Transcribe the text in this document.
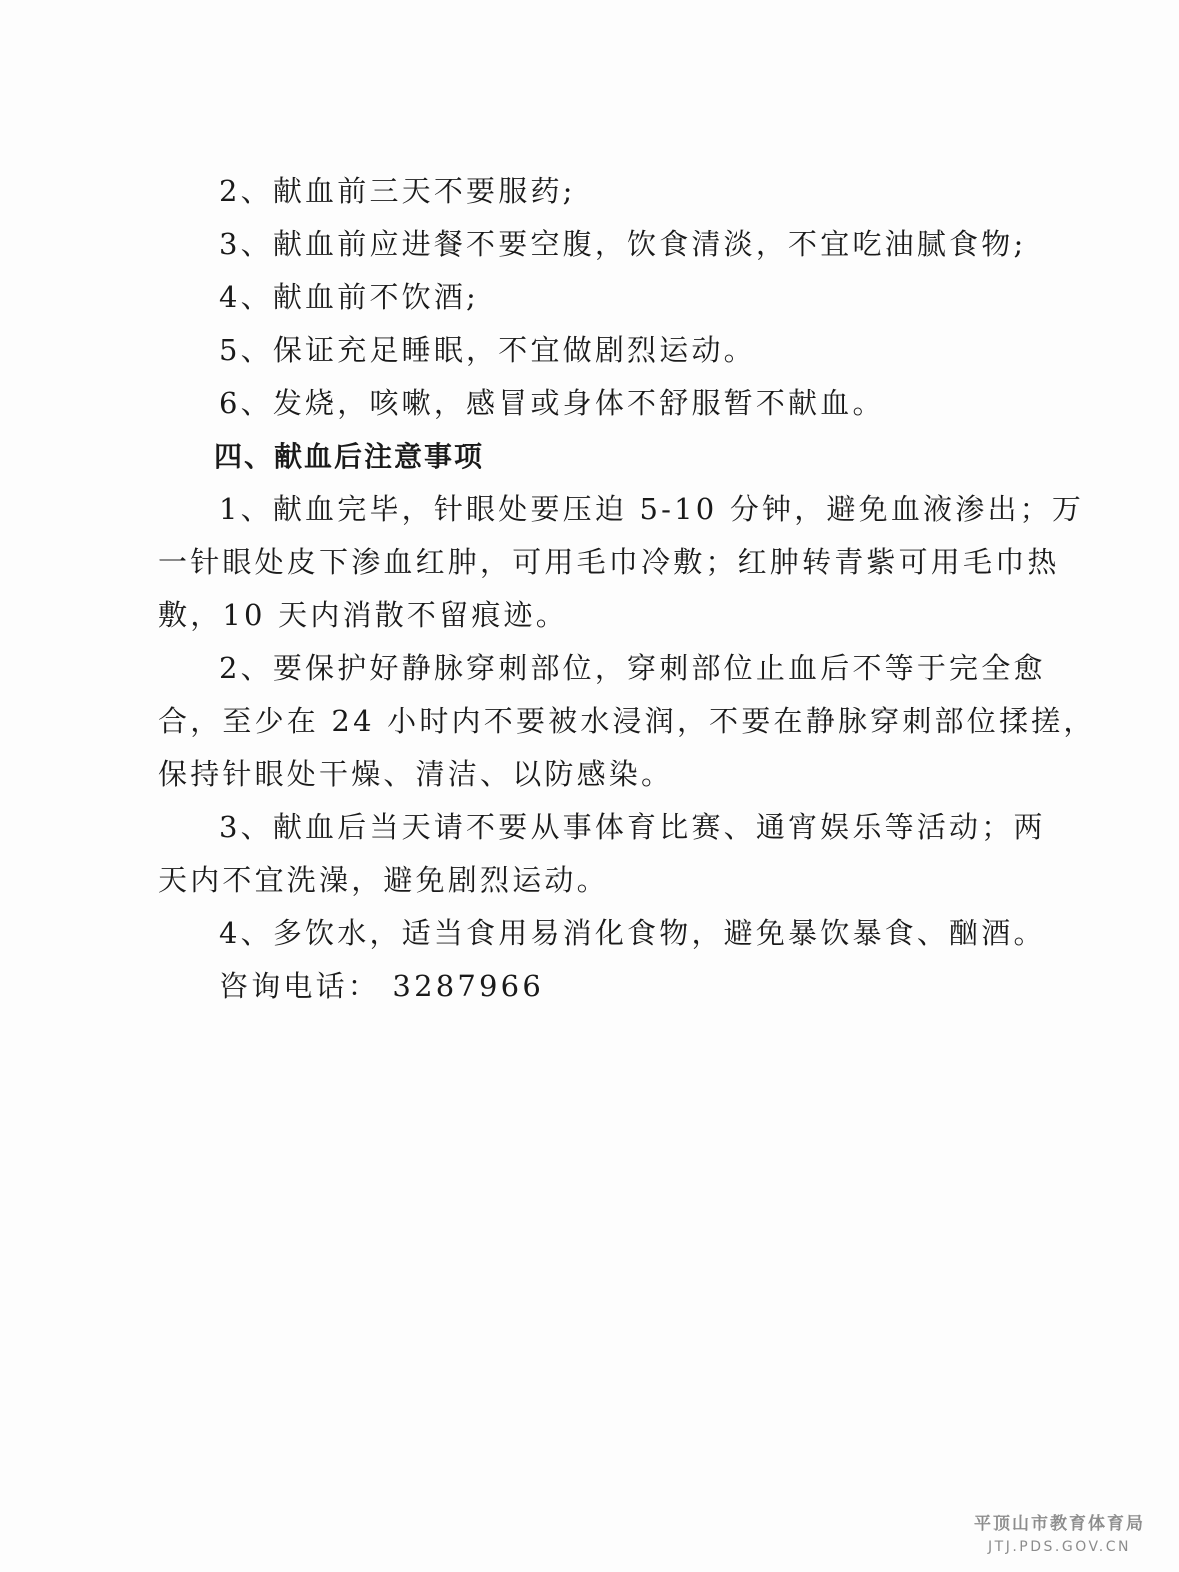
2、献血前三天不要服药;

3、献血前应进餐不要空腹，饮食清淡，不宜吃油腻食物;

4、献血前不饮酒;

5、保证充足睡眠，不宜做剧烈运动。

6、发烧，咳嗽，感冒或身体不舒服暂不献血。

四、献血后注意事项

1、献血完毕，针眼处要压迫 5-10 分钟，避免血液渗出；万

一针眼处皮下渗血红肿，可用毛巾冷敷；红肿转青紫可用毛巾热

敷，10 天内消散不留痕迹。

2、要保护好静脉穿刺部位，穿刺部位止血后不等于完全愈

合，至少在 24 小时内不要被水浸润，不要在静脉穿刺部位揉搓，

保持针眼处干燥、清洁、以防感染。

3、献血后当天请不要从事体育比赛、通宵娱乐等活动；两

天内不宜洗澡，避免剧烈运动。

4、多饮水，适当食用易消化食物，避免暴饮暴食、酗酒。

咨询电话： 3287966

平顶山市教育体育局
JTJ.PDS.GOV.CN
